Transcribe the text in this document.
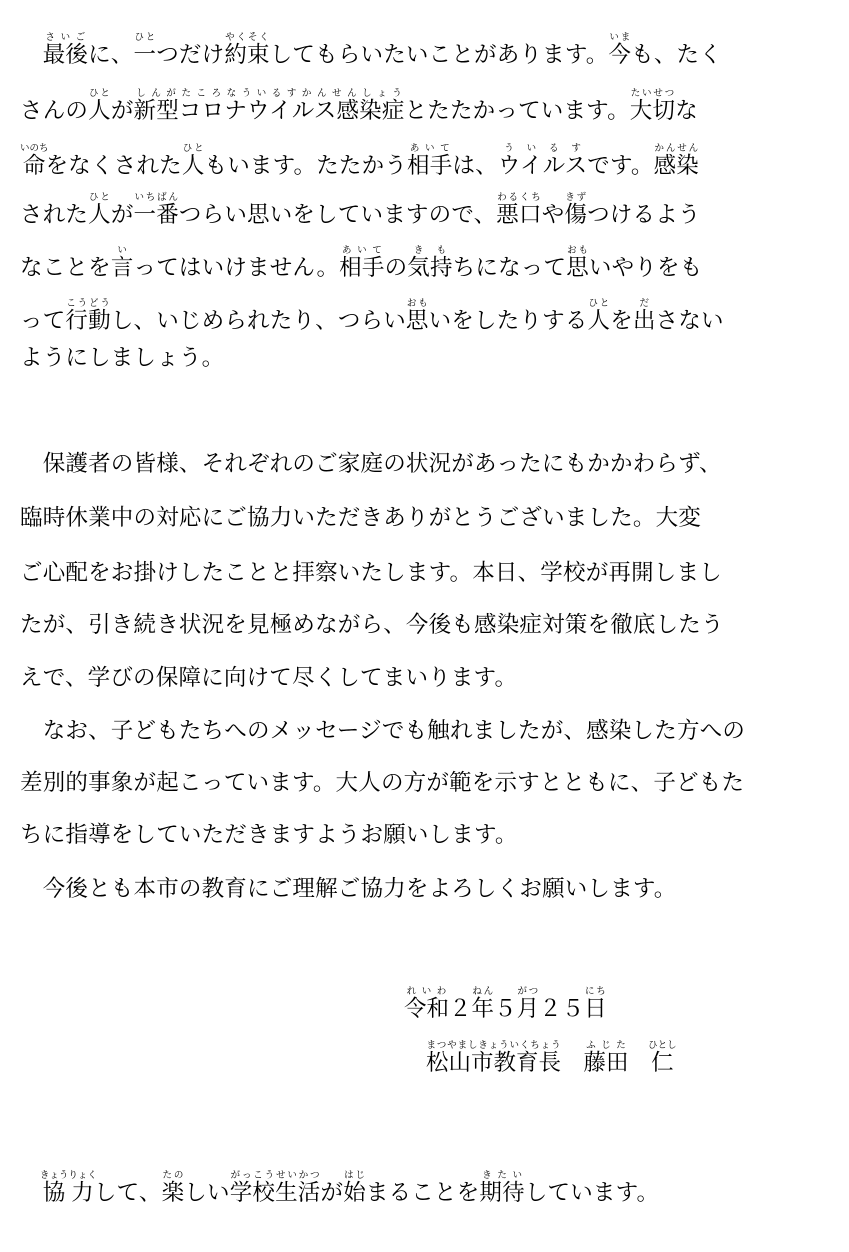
　最後さいごに、一ひとつだけ約束やくそくしてもらいたいことがあります。今いまも、たく
さんの人ひとが新型コロナウイルス感染症しんがたころなういるすかんせんしょうとたたかっています。大切たいせつな
命いのちをなくされた人ひともいます。たたかう相手あいては、ウイルスういるすです。感染かんせん
された人ひとが一番いちばんつらい思いをしていますので、悪口わるくちや傷きずつけるよう
なことを言いってはいけません。相手あいての気持きもちになって思おもいやりをも
って行動こうどうし、いじめられたり、つらい思おもいをしたりする人ひとを出ださない
ようにしましょう。
　保護者の皆様、それぞれのご家庭の状況があったにもかかわらず、
臨時休業中の対応にご協力いただきありがとうございました。大変
ご心配をお掛けしたことと拝察いたします。本日、学校が再開しまし
たが、引き続き状況を見極めながら、今後も感染症対策を徹底したう
えで、学びの保障に向けて尽くしてまいります。
　なお、子どもたちへのメッセージでも触れましたが、感染した方への
差別的事象が起こっています。大人の方が範を示すとともに、子どもた
ちに指導をしていただきますようお願いします。
　今後とも本市の教育にご理解ご協力をよろしくお願いします。
令和れいわ２年ねん５月がつ２５日にち
松山市教育長まつやましきょういくちょう　藤田ふじた　仁ひとし
　協力きょうりょくして、楽たのしい学校生活がっこうせいかつが始はじまることを期待きたいしています。
